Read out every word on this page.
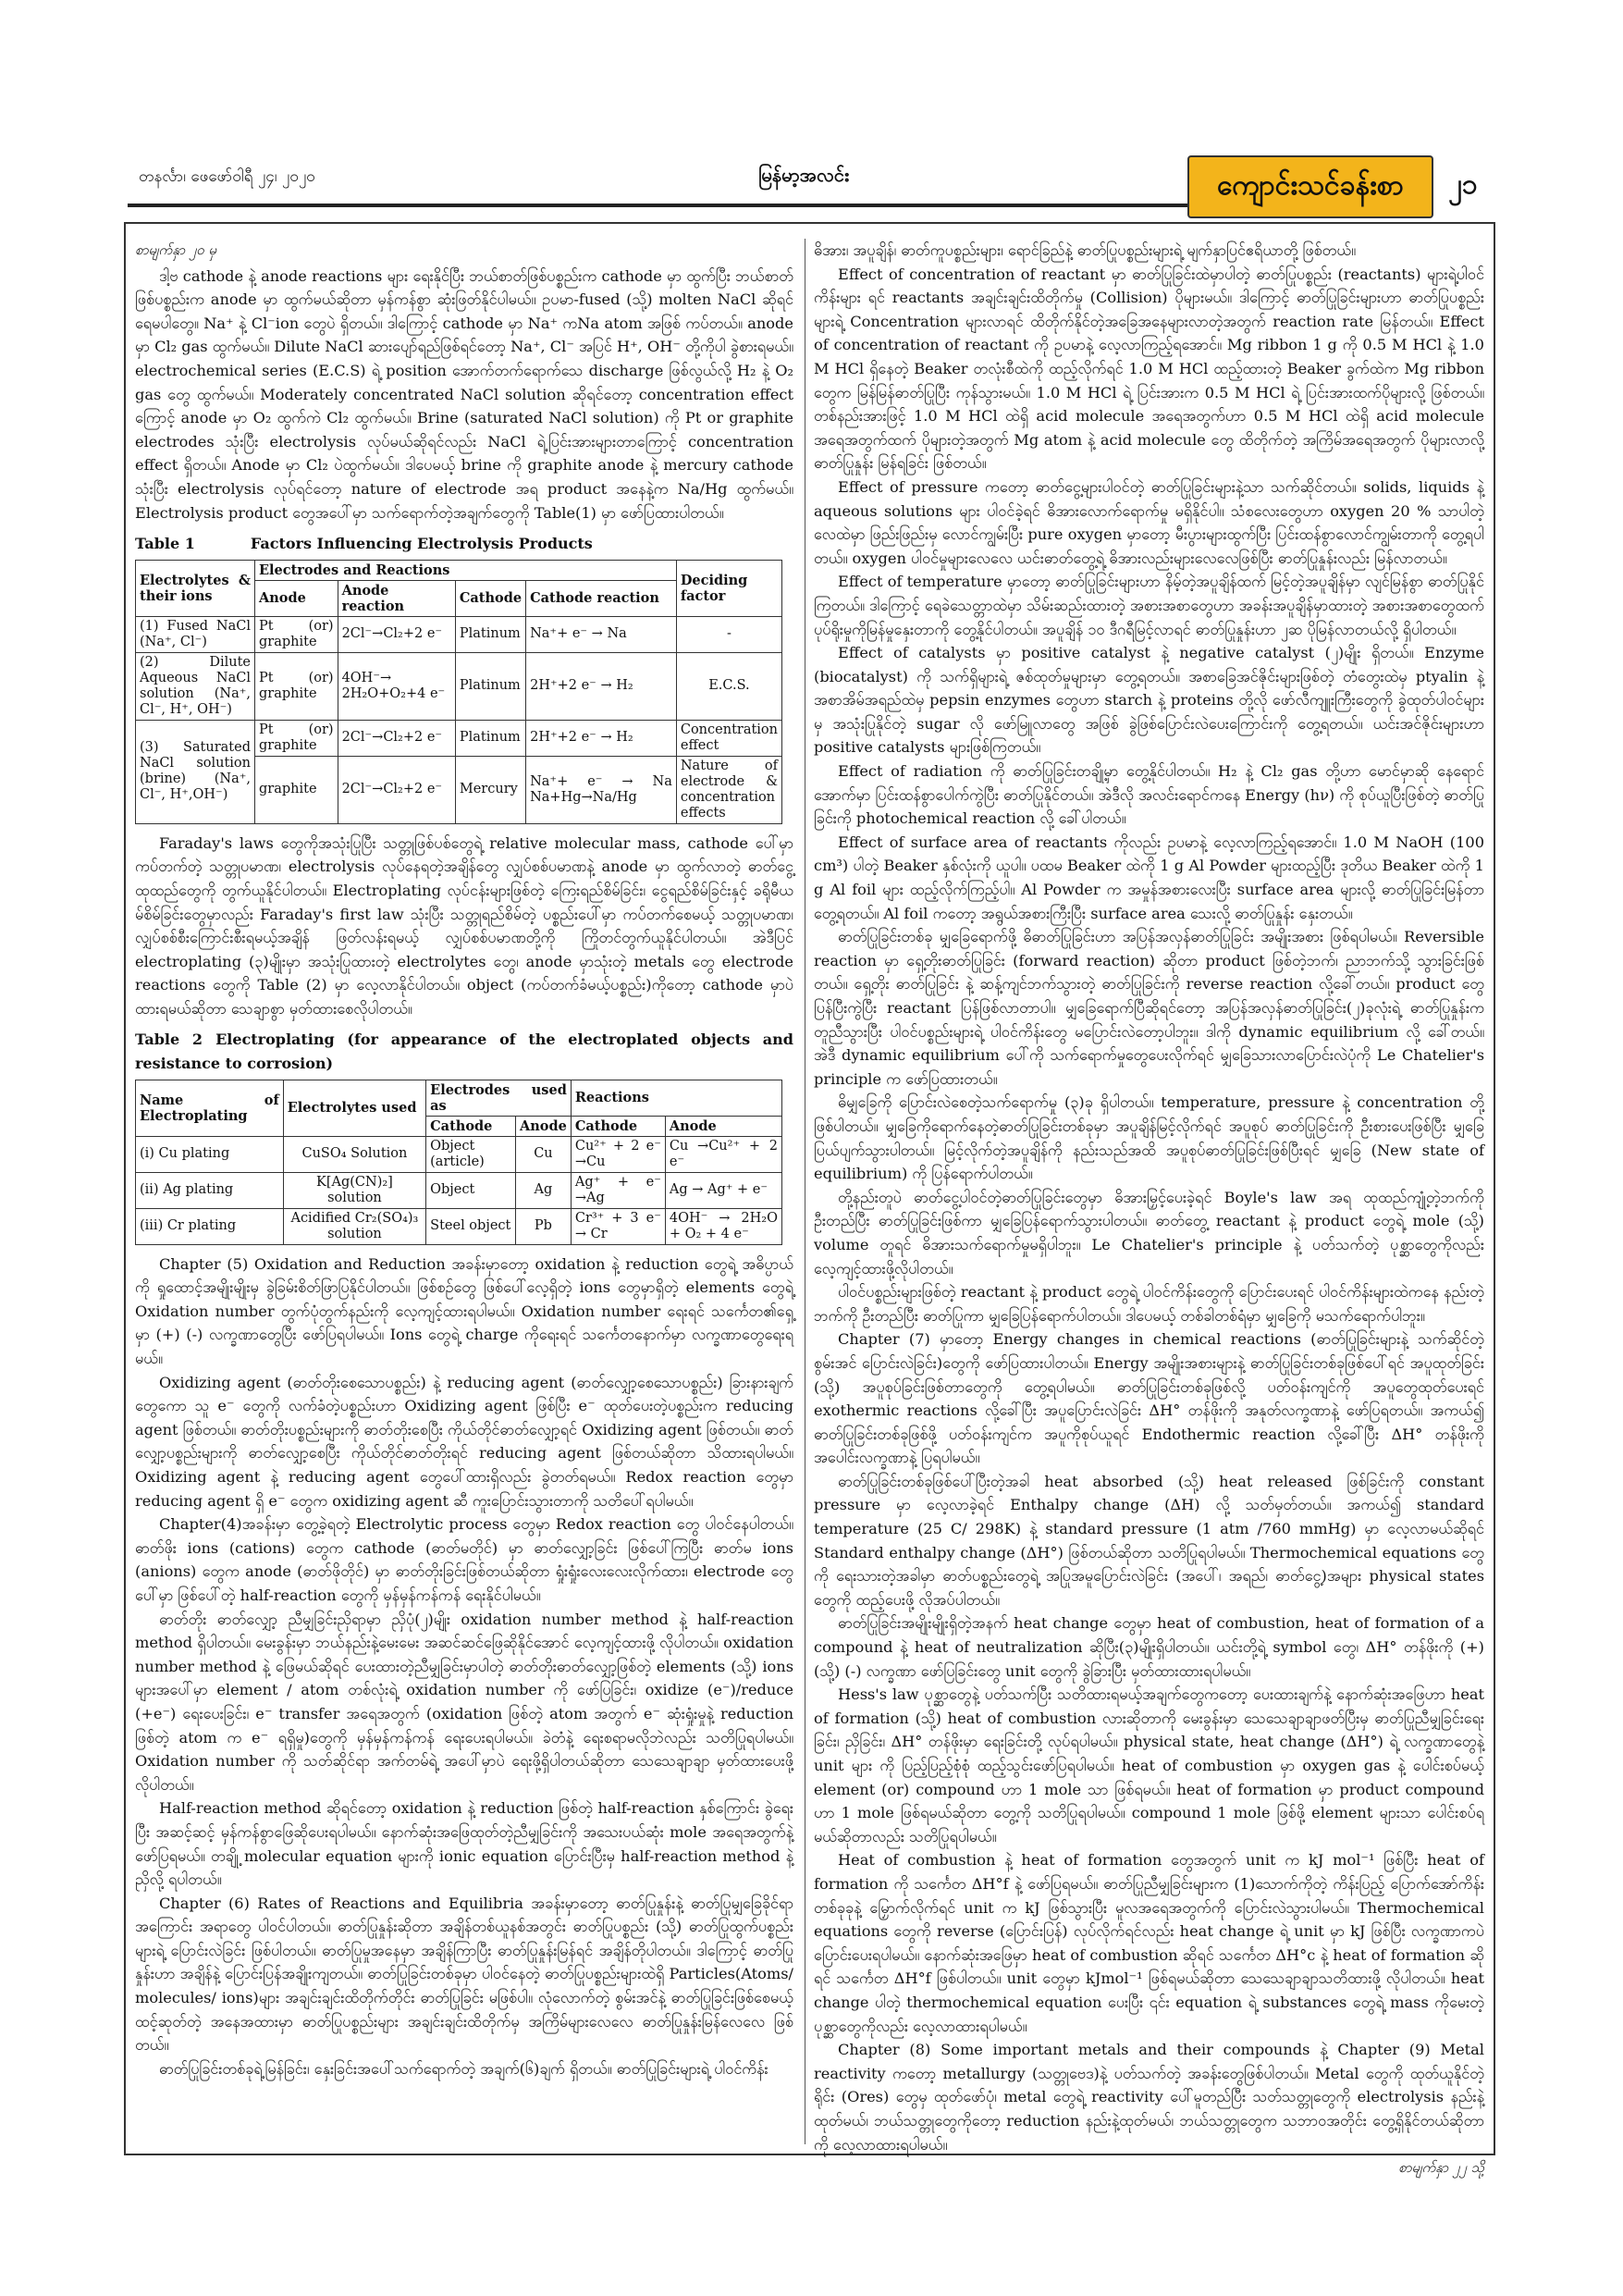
တနင်္လာ၊ ဖေဖော်ဝါရီ ၂၄၊ ၂၀၂၀	မြန်မာ့အလင်း	ကျောင်းသင်ခန်းစာ	၂၁
စာမျက်နှာ ၂၀ မှ

ဒါ့ဗ cathode နဲ့ anode reactions များ ရေးနိုင်ပြီး ဘယ်စာတ်ဖြစ်ပစ္စည်းက cathode မှာ ထွက်ပြီး ဘယ်စာတ်ဖြစ်ပစ္စည်းက anode မှာ ထွက်မယ်ဆိုတာ မှန်ကန်စွာ ဆုံးဖြတ်နိုင်ပါမယ်။ ဥပမာ-fused (သို့) molten NaCl ဆိုရင် ရေမပါတွေ။ Na⁺ နဲ့ Cl⁻ion တွေပဲ ရှိတယ်။ ဒါကြောင့် cathode မှာ Na⁺ ကNa atom အဖြစ် ကပ်တယ်။ anode မှာ Cl₂ gas ထွက်မယ်။ Dilute NaCl ဆားပျော်ရည်ဖြစ်ရင်တော့ Na⁺, Cl⁻ အပြင် H⁺, OH⁻ တို့ကိုပါ ခွဲစားရမယ်။ electrochemical series (E.C.S) ရဲ့ position အောက်တက်ရောက်သေ discharge ဖြစ်လွယ်လို့ H₂ နဲ့ O₂ gas တွေ ထွက်မယ်။ Moderately concentrated NaCl solution ဆိုရင်တော့ concentration effect ကြောင့် anode မှာ O₂ ထွက်ကဲ Cl₂ ထွက်မယ်။ Brine (saturated NaCl solution) ကို Pt or graphite electrodes သုံးပြီး electrolysis လုပ်မယ်ဆိုရင်လည်း NaCl ရဲ့ပြင်းအားများတာကြောင့် concentration effect ရှိတယ်။ Anode မှာ Cl₂ ပဲထွက်မယ်။ ဒါပေမယ့် brine ကို graphite anode နဲ့ mercury cathode သုံးပြီး electrolysis လုပ်ရင်တော့ nature of electrode အရ product အနေနဲ့က Na/Hg ထွက်မယ်။ Electrolysis product တွေအပေါ်မှာ သက်ရောက်တဲ့အချက်တွေကို Table(1) မှာ ဖော်ပြထားပါတယ်။

Table 1	Factors Influencing Electrolysis Products
Electrolytes & their ions	Electrodes and Reactions				Deciding factor
	Anode	Anode reaction	Cathode	Cathode reaction	
(1) Fused NaCl (Na⁺, Cl⁻)	Pt (or) graphite	2Cl⁻→Cl₂+2 e⁻	Platinum	Na⁺+ e⁻ → Na	-
(2) Dilute Aqueous NaCl solution (Na⁺, Cl⁻, H⁺, OH⁻)	Pt (or) graphite	4OH⁻→ 2H₂O+O₂+4 e⁻	Platinum	2H⁺+2 e⁻ → H₂	E.C.S.
(3) Saturated NaCl solution (brine) (Na⁺, Cl⁻, H⁺,OH⁻)	Pt (or) graphite	2Cl⁻→Cl₂+2 e⁻	Platinum	2H⁺+2 e⁻ → H₂	Concentration effect
	graphite	2Cl⁻→Cl₂+2 e⁻	Mercury	Na⁺+ e⁻ → Na Na+Hg→Na/Hg	Nature of electrode & concentration effects

Faraday's laws တွေကိုအသုံးပြုပြီး သတ္တုဖြစ်ပစ်တွေရဲ့ relative molecular mass, cathode ပေါ်မှာ ကပ်တက်တဲ့ သတ္တုပမာဏ၊ electrolysis လုပ်နေရတဲ့အချိန်တွေ လျှပ်စစ်ပမာဏနဲ့ anode မှာ ထွက်လာတဲ့ ဓာတ်ငွေ့ထုထည်တွေကို တွက်ယူနိုင်ပါတယ်။ Electroplating လုပ်ငန်းများဖြစ်တဲ့ ကြေးရည်စိမ်ခြင်း၊ ငွေရည်စိမ်ခြင်းနှင့် ခရိုမီယမ်စိမ်ခြင်းတွေမှာလည်း Faraday's first law သုံးပြီး သတ္တုရည်စိမ်တဲ့ ပစ္စည်းပေါ်မှာ ကပ်တက်စေမယ့် သတ္တုပမာဏ၊ လျှပ်စစ်စီးကြောင်းစီးရမယ့်အချိန် ဖြတ်လန်းရမယ့် လျှပ်စစ်ပမာဏတို့ကို ကြိုတင်တွက်ယူနိုင်ပါတယ်။ အဲဒီပြင် electroplating (၃)မျိုးမှာ အသုံးပြုထားတဲ့ electrolytes တွေ၊ anode မှာသုံးတဲ့ metals တွေ electrode reactions တွေကို Table (2) မှာ လေ့လာနိုင်ပါတယ်။ object (ကပ်တက်ခံမယ့်ပစ္စည်း)ကိုတော့ cathode မှာပဲ ထားရမယ်ဆိုတာ သေချာစွာ မှတ်ထားစေလိုပါတယ်။

Table 2 Electroplating (for appearance of the electroplated objects and resistance to corrosion)
Name of Electroplating	Electrolytes used	Electrodes used as		Reactions	
		Cathode	Anode	Cathode	Anode
(i) Cu plating	CuSO₄ Solution	Object (article)	Cu	Cu²⁺ + 2 e⁻ →Cu	Cu →Cu²⁺ + 2 e⁻
(ii) Ag plating	K[Ag(CN)₂] solution	Object	Ag	Ag⁺ + e⁻ →Ag	Ag → Ag⁺ + e⁻
(iii) Cr plating	Acidified Cr₂(SO₄)₃ solution	Steel object	Pb	Cr³⁺ + 3 e⁻ → Cr	4OH⁻ → 2H₂O + O₂ + 4 e⁻

Chapter (5) Oxidation and Reduction အခန်းမှာတော့ oxidation နဲ့ reduction တွေရဲ့ အဓိပ္ပာယ်ကို ရှုထောင့်အမျိုးမျိုးမှ ခွဲခြမ်းစိတ်ဖြာပြနိုင်ပါတယ်။ ဖြစ်စဉ်တွေ ဖြစ်ပေါ်လေ့ရှိတဲ့ ions တွေမှာရှိတဲ့ elements တွေရဲ့ Oxidation number တွက်ပုံတွက်နည်းကို လေ့ကျင့်ထားရပါမယ်။ Oxidation number ရေးရင် သင်္ကေတ၏ရှေ့မှာ (+) (-) လက္ခဏာတွေပြီး ဖော်ပြရပါမယ်။ Ions တွေရဲ့ charge ကိုရေးရင် သင်္ကေတနောက်မှာ လက္ခဏာတွေရေးရမယ်။

Oxidizing agent (ဓာတ်တိုးစေသောပစ္စည်း) နဲ့ reducing agent (ဓာတ်လျှော့စေသောပစ္စည်း) ခြားနားချက်တွေကော သူ e⁻ တွေကို လက်ခံတဲ့ပစ္စည်းဟာ Oxidizing agent ဖြစ်ပြီး e⁻ ထုတ်ပေးတဲ့ပစ္စည်းက reducing agent ဖြစ်တယ်။ ဓာတ်တိုးပစ္စည်းများကို ဓာတ်တိုးစေပြီး ကိုယ်တိုင်ဓာတ်လျှော့ရင် Oxidizing agent ဖြစ်တယ်။ ဓာတ်လျှော့ပစ္စည်းများကို ဓာတ်လျှော့စေပြီး ကိုယ်တိုင်ဓာတ်တိုးရင် reducing agent ဖြစ်တယ်ဆိုတာ သိထားရပါမယ်။ Oxidizing agent နဲ့ reducing agent တွေပေါ်ထားရှိလည်း ခွဲတတ်ရမယ်။ Redox reaction တွေမှာ reducing agent ရှိ e⁻ တွေက oxidizing agent ဆီ ကူးပြောင်းသွားတာကို သတိပေါ်ရပါမယ်။

Chapter(4)အခန်းမှာ တွေ့ခဲ့ရတဲ့ Electrolytic process တွေမှာ Redox reaction တွေ ပါဝင်နေပါတယ်။ ဓာတ်ဖိုး ions (cations) တွေက cathode (ဓာတ်မတိုင်) မှာ ဓာတ်လျှော့ခြင်း ဖြစ်ပေါ်ကြပြီး ဓာတ်မ ions (anions) တွေက anode (ဓာတ်ဖိုတိုင်) မှာ ဓာတ်တိုးခြင်းဖြစ်တယ်ဆိုတာ ရှုံးရှုံးလေးလေးလိုက်ထား၊ electrode တွေပေါ်မှာ ဖြစ်ပေါ်တဲ့ half-reaction တွေကို မှန်မှန်ကန်ကန် ရေးနိုင်ပါမယ်။

ဓာတ်တိုး ဓာတ်လျှော့ ညီမျှခြင်းညှိရာမှာ ညှိပုံ(၂)မျိုး oxidation number method နဲ့ half-reaction method ရှိပါတယ်။ မေးခွန်းမှာ ဘယ်နည်းနဲ့မေးမေး အဆင်ဆင်ဖြေဆိုနိုင်အောင် လေ့ကျင့်ထားဖို့ လိုပါတယ်။ oxidation number method နဲ့ ဖြေမယ်ဆိုရင် ပေးထားတဲ့ညီမျှခြင်းမှာပါတဲ့ ဓာတ်တိုးဓာတ်လျှော့ဖြစ်တဲ့ elements (သို့) ions များအပေါ်မှာ element / atom တစ်လုံးရဲ့ oxidation number ကို ဖော်ပြခြင်း၊ oxidize (e⁻)/reduce (+e⁻) ရေးပေးခြင်း၊ e⁻ transfer အရေအတွက် (oxidation ဖြစ်တဲ့ atom အတွက် e⁻ ဆုံးရှုံးမှုနဲ့ reduction ဖြစ်တဲ့ atom က e⁻ ရရှိမှု)တွေကို မှန်မှန်ကန်ကန် ရေးပေးရပါမယ်။ ခဲတံနဲ့ ရေးစရာမလိုဘဲလည်း သတိပြုရပါမယ်။ Oxidation number ကို သတ်ဆိုင်ရာ အက်တမ်ရဲ့ အပေါ်မှာပဲ ရေးဖို့ရှိပါတယ်ဆိုတာ သေသေချာချာ မှတ်ထားပေးဖို့ လိုပါတယ်။

Half-reaction method ဆိုရင်တော့ oxidation နဲ့ reduction ဖြစ်တဲ့ half-reaction နှစ်ကြောင်း ခွဲရေးပြီး အဆင့်ဆင့် မှန်ကန်စွာဖြေဆိုပေးရပါမယ်။ နောက်ဆုံးအဖြေထုတ်တဲ့ညီမျှခြင်းကို အသေးပယ်ဆုံး mole အရေအတွက်နဲ့ ဖော်ပြရမယ်။ တချို့ molecular equation များကို ionic equation ပြောင်းပြီးမှ half-reaction method နဲ့ညှိလို့ ရပါတယ်။

Chapter (6) Rates of Reactions and Equilibria အခန်းမှာတော့ ဓာတ်ပြုနှုန်းနဲ့ ဓာတ်ပြုမျှခြေခိုင်ရာအကြောင်း အရာတွေ ပါဝင်ပါတယ်။ ဓာတ်ပြုနှုန်းဆိုတာ အချိန်တစ်ယူနစ်အတွင်း ဓာတ်ပြုပစ္စည်း (သို့) ဓာတ်ပြုထွက်ပစ္စည်းများရဲ့ ပြောင်းလဲခြင်း ဖြစ်ပါတယ်။ ဓာတ်ပြုမှုအနေမှာ အချိန်ကြာပြီး ဓာတ်ပြုနှုန်းမြန်ရင် အချိန်တိုပါတယ်။ ဒါကြောင့် ဓာတ်ပြုနှုန်းဟာ အချိန်နဲ့ ပြောင်းပြန်အချိုးကျတယ်။ ဓာတ်ပြုခြင်းတစ်ခုမှာ ပါဝင်နေတဲ့ ဓာတ်ပြုပစ္စည်းများထဲရှိ Particles(Atoms/ molecules/ ions)များ အချင်းချင်းထိတိုက်တိုင်း ဓာတ်ပြုခြင်း မဖြစ်ပါ။ လုံလောက်တဲ့ စွမ်းအင်နဲ့ ဓာတ်ပြုခြင်းဖြစ်စေမယ့် ထင့်ဆုတ်တဲ့ အနေအထားမှာ ဓာတ်ပြုပစ္စည်းများ အချင်းချင်းထိတိုက်မှ အကြိမ်များလေလေ ဓာတ်ပြုနှုန်းမြန်လေလေ ဖြစ်တယ်။

ဓာတ်ပြုခြင်းတစ်ခုရဲ့မြန်ခြင်း၊ နှေးခြင်းအပေါ်သက်ရောက်တဲ့ အချက်(၆)ချက် ရှိတယ်။ ဓာတ်ပြုခြင်းများရဲ့ ပါဝင်ကိန်း

ဓိအား၊ အပူချိန်၊ ဓာတ်ကူပစ္စည်းများ၊ ရောင်ခြည်နဲ့ ဓာတ်ပြုပစ္စည်းများရဲ့ မျက်နှာပြင်ဧရိယာတို့ ဖြစ်တယ်။

Effect of concentration of reactant မှာ ဓာတ်ပြုခြင်းထဲမှာပါတဲ့ ဓာတ်ပြုပစ္စည်း (reactants) များရဲ့ပါဝင်ကိန်းများ ရင် reactants အချင်းချင်းထိတိုက်မှု (Collision) ပိုများမယ်။ ဒါကြောင့် ဓာတ်ပြုခြင်းများဟာ ဓာတ်ပြုပစ္စည်းများရဲ့ Concentration များလာရင် ထိတိုက်နိုင်တဲ့အခြေအနေများလာတဲ့အတွက် reaction rate မြန်တယ်။ Effect of concentration of reactant ကို ဥပမာနဲ့ လေ့လာကြည့်ရအောင်။ Mg ribbon 1 g ကို 0.5 M HCl နဲ့ 1.0 M HCl ရှိနေတဲ့ Beaker တလုံးစီထဲကို ထည့်လိုက်ရင် 1.0 M HCl ထည့်ထားတဲ့ Beaker ခွက်ထဲက Mg ribbon တွေက မြန်မြန်ဓာတ်ပြုပြီး ကုန်သွားမယ်။ 1.0 M HCl ရဲ့ ပြင်းအားက 0.5 M HCl ရဲ့ ပြင်းအားထက်ပိုများလို့ ဖြစ်တယ်။ တစ်နည်းအားဖြင့် 1.0 M HCl ထဲရှိ acid molecule အရေအတွက်ဟာ 0.5 M HCl ထဲရှိ acid molecule အရေအတွက်ထက် ပိုများတဲ့အတွက် Mg atom နဲ့ acid molecule တွေ ထိတိုက်တဲ့ အကြိမ်အရေအတွက် ပိုများလာလို့ ဓာတ်ပြုနှုန်း မြန်ရခြင်း ဖြစ်တယ်။

Effect of pressure ကတော့ ဓာတ်ငွေ့များပါဝင်တဲ့ ဓာတ်ပြုခြင်းများနဲ့သာ သက်ဆိုင်တယ်။ solids, liquids နဲ့ aqueous solutions များ ပါဝင်ခဲ့ရင် ဓိအားလောက်ရောက်မှု မရှိနိုင်ပါ။ သံစလေးတွေဟာ oxygen 20 % သာပါတဲ့လေထဲမှာ ဖြည်းဖြည်းမှ လောင်ကျွမ်းပြီး pure oxygen မှာတော့ မီးပွားများထွက်ပြီး ပြင်းထန်စွာလောင်ကျွမ်းတာကို တွေ့ရပါတယ်။ oxygen ပါဝင်မှုများလေလေ ယင်းဓာတ်တွေ့ရဲ့ ဓိအားလည်းများလေလေဖြစ်ပြီး ဓာတ်ပြုနှုန်းလည်း မြန်လာတယ်။

Effect of temperature မှာတော့ ဓာတ်ပြုခြင်းများဟာ နိမ့်တဲ့အပူချိန်ထက် မြင့်တဲ့အပူချိန်မှာ လျင်မြန်စွာ ဓာတ်ပြုနိုင်ကြတယ်။ ဒါကြောင့် ရေခဲသေတ္တာထဲမှာ သိမ်းဆည်းထားတဲ့ အစားအစာတွေဟာ အခန်းအပူချိန်မှာထားတဲ့ အစားအစာတွေထက် ပုပ်ရိုးမှုကိုမြန်မှုနှေးတာကို တွေ့နိုင်ပါတယ်။ အပူချိန် ၁၀ ဒီဂရီမြင့်လာရင် ဓာတ်ပြုနှုန်းဟာ ၂ဆ ပိုမြန်လာတယ်လို့ ရှိပါတယ်။

Effect of catalysts မှာ positive catalyst နဲ့ negative catalyst (၂)မျိုး ရှိတယ်။ Enzyme (biocatalyst) ကို သက်ရှိများရဲ့ ဇစ်ထုတ်မှုများမှာ တွေ့ရတယ်။ အစာခြေအင်ဇိုင်းများဖြစ်တဲ့ တံတွေးထဲမှ ptyalin နဲ့ အစာအိမ်အရည်ထဲမှ pepsin enzymes တွေဟာ starch နဲ့ proteins တို့လို ဖော်လီကျူးကြီးတွေကို ခွဲထုတ်ပါဝင်များမှ အသုံးပြုနိုင်တဲ့ sugar လို ဖော်မြူလာတွေ အဖြစ် ခွဲဖြစ်ပြောင်းလဲပေးကြောင်းကို တွေ့ရတယ်။ ယင်းအင်ဇိုင်းများဟာ positive catalysts များဖြစ်ကြတယ်။

Effect of radiation ကို ဓာတ်ပြုခြင်းတချို့မှာ တွေ့နိုင်ပါတယ်။ H₂ နဲ့ Cl₂ gas တို့ဟာ မောင်မှာဆို နေရောင်အောက်မှာ ပြင်းထန်စွာပေါက်ကွဲပြီး ဓာတ်ပြုနိုင်တယ်။ အဲဒီလို အလင်းရောင်ကနေ Energy (hν) ကို စုပ်ယူပြီးဖြစ်တဲ့ ဓာတ်ပြုခြင်းကို photochemical reaction လို့ ခေါ်ပါတယ်။

Effect of surface area of reactants ကိုလည်း ဥပမာနဲ့ လေ့လာကြည့်ရအောင်။ 1.0 M NaOH (100 cm³) ပါတဲ့ Beaker နှစ်လုံးကို ယူပါ။ ပထမ Beaker ထဲကို 1 g Al Powder များထည့်ပြီး ဒုတိယ Beaker ထဲကို 1 g Al foil များ ထည့်လိုက်ကြည့်ပါ။ Al Powder က အမှုန်အစားလေးပြီး surface area များလို့ ဓာတ်ပြုခြင်းမြန်တာ တွေ့ရတယ်။ Al foil ကတော့ အရွယ်အစားကြီးပြီး surface area သေးလို့ ဓာတ်ပြုနှုန်း နှေးတယ်။

ဓာတ်ပြုခြင်းတစ်ခု မျှခြေရောက်ဖို့ ဓိဓာတ်ပြုခြင်းဟာ အပြန်အလှန်ဓာတ်ပြုခြင်း အမျိုးအစား ဖြစ်ရပါမယ်။ Reversible reaction မှာ ရှေ့တိုးဓာတ်ပြုခြင်း (forward reaction) ဆိုတာ product ဖြစ်တဲ့ဘက်၊ ညာဘက်သို့ သွားခြင်းဖြစ်တယ်။ ရှေ့တိုး ဓာတ်ပြုခြင်း နဲ့ ဆန့်ကျင်ဘက်သွားတဲ့ ဓာတ်ပြုခြင်းကို reverse reaction လို့ခေါ်တယ်။ product တွေပြန်ပြီးကွဲပြီး reactant ပြန်ဖြစ်လာတာပါ။ မျှခြေရောက်ပြီဆိုရင်တော့ အပြန်အလှန်ဓာတ်ပြုခြင်း(၂)ခုလုံးရဲ့ ဓာတ်ပြုနှုန်းက တူညီသွားပြီး ပါဝင်ပစ္စည်းများရဲ့ ပါဝင်ကိန်းတွေ မပြောင်းလဲတော့ပါဘူး။ ဒါကို dynamic equilibrium လို့ ခေါ်တယ်။ အဲဒီ dynamic equilibrium ပေါ်ကို သက်ရောက်မှုတွေပေးလိုက်ရင် မျှခြေသားလာပြောင်းလဲပုံကို Le Chatelier's principle က ဖော်ပြထားတယ်။

ဓိမျှခြေကို ပြောင်းလဲစေတဲ့သက်ရောက်မှု (၃)ခု ရှိပါတယ်။ temperature, pressure နဲ့ concentration တို့ ဖြစ်ပါတယ်။ မျှခြေကိုရောက်နေတဲ့ဓာတ်ပြုခြင်းတစ်ခုမှာ အပူချိန်မြင့်လိုက်ရင် အပူစုပ် ဓာတ်ပြုခြင်းကို ဦးစားပေးဖြစ်ပြီး မျှခြေပြယ်ပျက်သွားပါတယ်။ မြင့်လိုက်တဲ့အပူချိန်ကို နည်းသည်အထိ အပူစုပ်ဓာတ်ပြုခြင်းဖြစ်ပြီးရင် မျှခြေ (New state of equilibrium) ကို ပြန်ရောက်ပါတယ်။

တို့နည်းတူပဲ ဓာတ်ငွေ့ပါဝင်တဲ့ဓာတ်ပြုခြင်းတွေမှာ ဓိအားမြှင့်ပေးခဲ့ရင် Boyle's law အရ ထုထည်ကျုံ့တဲ့ဘက်ကို ဦးတည်ပြီး ဓာတ်ပြုခြင်းဖြစ်ကာ မျှခြေပြန်ရောက်သွားပါတယ်။ ဓာတ်တွေ့ reactant နဲ့ product တွေရဲ့ mole (သို့) volume တူရင် ဓိအားသက်ရောက်မှုမရှိပါဘူး။ Le Chatelier's principle နဲ့ ပတ်သက်တဲ့ ပုစ္ဆာတွေကိုလည်း လေ့ကျင့်ထားဖို့လိုပါတယ်။

ပါဝင်ပစ္စည်းများဖြစ်တဲ့ reactant နဲ့ product တွေရဲ့ ပါဝင်ကိန်းတွေကို ပြောင်းပေးရင် ပါဝင်ကိန်းများထဲကနေ နည်းတဲ့ ဘက်ကို ဦးတည်ပြီး ဓာတ်ပြုကာ မျှခြေပြန်ရောက်ပါတယ်။ ဒါပေမယ့် တစ်ခါတစ်ရံမှာ မျှခြေကို မသက်ရောက်ပါဘူး။

Chapter (7) မှာတော့ Energy changes in chemical reactions (ဓာတ်ပြုခြင်းများနဲ့ သက်ဆိုင်တဲ့ စွမ်းအင် ပြောင်းလဲခြင်း)တွေကို ဖော်ပြထားပါတယ်။ Energy အမျိုးအစားများနဲ့ ဓာတ်ပြုခြင်းတစ်ခုဖြစ်ပေါ်ရင် အပူထုတ်ခြင်း (သို့) အပူစုပ်ခြင်းဖြစ်တာတွေကို တွေ့ရပါမယ်။ ဓာတ်ပြုခြင်းတစ်ခုဖြစ်လို့ ပတ်ဝန်းကျင်ကို အပူတွေထုတ်ပေးရင် exothermic reactions လို့ခေါ်ပြီး အပူပြောင်းလဲခြင်း ΔH° တန်ဖိုးကို အနုတ်လက္ခဏာနဲ့ ဖော်ပြရတယ်။ အကယ်၍ ဓာတ်ပြုခြင်းတစ်ခုဖြစ်ဖို့ ပတ်ဝန်းကျင်က အပူကိုစုပ်ယူရင် Endothermic reaction လို့ခေါ်ပြီး ΔH° တန်ဖိုးကို အပေါင်းလက္ခဏာနဲ့ ပြရပါမယ်။

ဓာတ်ပြုခြင်းတစ်ခုဖြစ်ပေါ်ပြီးတဲ့အခါ heat absorbed (သို့) heat released ဖြစ်ခြင်းကို constant pressure မှာ လေ့လာခဲ့ရင် Enthalpy change (ΔH) လို့ သတ်မှတ်တယ်။ အကယ်၍ standard temperature (25 C/ 298K) နဲ့ standard pressure (1 atm /760 mmHg) မှာ လေ့လာမယ်ဆိုရင် Standard enthalpy change (ΔH°) ဖြစ်တယ်ဆိုတာ သတိပြုရပါမယ်။ Thermochemical equations တွေကို ရေးသားတဲ့အခါမှာ ဓာတ်ပစ္စည်းတွေရဲ့ အပြုအမူပြောင်းလဲခြင်း (အပေါ်၊ အရည်၊ ဓာတ်ငွေ့)အများ physical states တွေကို ထည့်ပေးဖို့ လိုအပ်ပါတယ်။

ဓာတ်ပြုခြင်းအမျိုးမျိုးရှိတဲ့အနက် heat change တွေမှာ heat of combustion, heat of formation of a compound နဲ့ heat of neutralization ဆိုပြီး(၃)မျိုးရှိပါတယ်။ ယင်းတို့ရဲ့ symbol တွေ၊ ΔH° တန်ဖိုးကို (+) (သို့) (-) လက္ခဏာ ဖော်ပြခြင်းတွေ unit တွေကို ခွဲခြားပြီး မှတ်ထားထားရပါမယ်။

Hess's law ပုစ္ဆာတွေနဲ့ ပတ်သက်ပြီး သတိထားရမယ့်အချက်တွေကတော့ ပေးထားချက်နဲ့ နောက်ဆုံးအဖြေဟာ heat of formation (သို့) heat of combustion လားဆိုတာကို မေးခွန်းမှာ သေသေချာချာဖတ်ပြီးမှ ဓာတ်ပြုညီမျှခြင်းရေးခြင်း၊ ညှိခြင်း၊ ΔH° တန်ဖိုးမှာ ရေးခြင်းတို့ လုပ်ရပါမယ်။ physical state, heat change (ΔH°) ရဲ့ လက္ခဏာတွေနဲ့ unit များ ကို ပြည့်ပြည့်စုံစုံ ထည့်သွင်းဖော်ပြရပါမယ်။ heat of combustion မှာ oxygen gas နဲ့ ပေါင်းစပ်မယ့် element (or) compound ဟာ 1 mole သာ ဖြစ်ရမယ်။ heat of formation မှာ product compound ဟာ 1 mole ဖြစ်ရမယ်ဆိုတာ တွေ့ကို သတိပြုရပါမယ်။ compound 1 mole ဖြစ်ဖို့ element များသာ ပေါင်းစပ်ရမယ်ဆိုတာလည်း သတိပြုရပါမယ်။

Heat of combustion နဲ့ heat of formation တွေအတွက် unit က kJ mol⁻¹ ဖြစ်ပြီး heat of formation ကို သင်္ကေတ ΔH°f နဲ့ ဖော်ပြရမယ်။ ဓာတ်ပြုညီမျှခြင်းများက (1)သောက်ကိုတဲ့ ကိန်းပြည့် ပြောက်အော်ကိန်းတစ်ခုခုနဲ့ မြှောက်လိုက်ရင် unit က kJ ဖြစ်သွားပြီး မူလအရေအတွက်ကို ပြောင်းလဲသွားပါမယ်။ Thermochemical equations တွေကို reverse (ပြောင်းပြန်) လုပ်လိုက်ရင်လည်း heat change ရဲ့ unit မှာ kJ ဖြစ်ပြီး လက္ခဏာကပဲ ပြောင်းပေးရပါမယ်။ နောက်ဆုံးအဖြေမှာ heat of combustion ဆိုရင် သင်္ကေတ ΔH°c နဲ့ heat of formation ဆိုရင် သင်္ကေတ ΔH°f ဖြစ်ပါတယ်။ unit တွေမှာ kJmol⁻¹ ဖြစ်ရမယ်ဆိုတာ သေသေချာချာသတိထားဖို့ လိုပါတယ်။ heat change ပါတဲ့ thermochemical equation ပေးပြီး ၎င်း equation ရဲ့ substances တွေရဲ့ mass ကိုမေးတဲ့ ပုစ္ဆာတွေကိုလည်း လေ့လာထားရပါမယ်။

Chapter (8) Some important metals and their compounds နဲ့ Chapter (9) Metal reactivity ကတော့ metallurgy (သတ္တုဗေဒ)နဲ့ ပတ်သက်တဲ့ အခန်းတွေဖြစ်ပါတယ်။ Metal တွေကို ထုတ်ယူနိုင်တဲ့ ရိုင်း (Ores) တွေမှ ထုတ်ဖော်ပုံ၊ metal တွေရဲ့ reactivity ပေါ်မူတည်ပြီး သတ်သတ္တုတွေကို electrolysis နည်းနဲ့ ထုတ်မယ်၊ ဘယ်သတ္တုတွေကိုတော့ reduction နည်းနဲ့ထုတ်မယ်၊ ဘယ်သတ္တုတွေက သဘာဝအတိုင်း တွေ့ရှိနိုင်တယ်ဆိုတာကို လေ့လာထားရပါမယ်။

စာမျက်နှာ ၂၂ သို့
